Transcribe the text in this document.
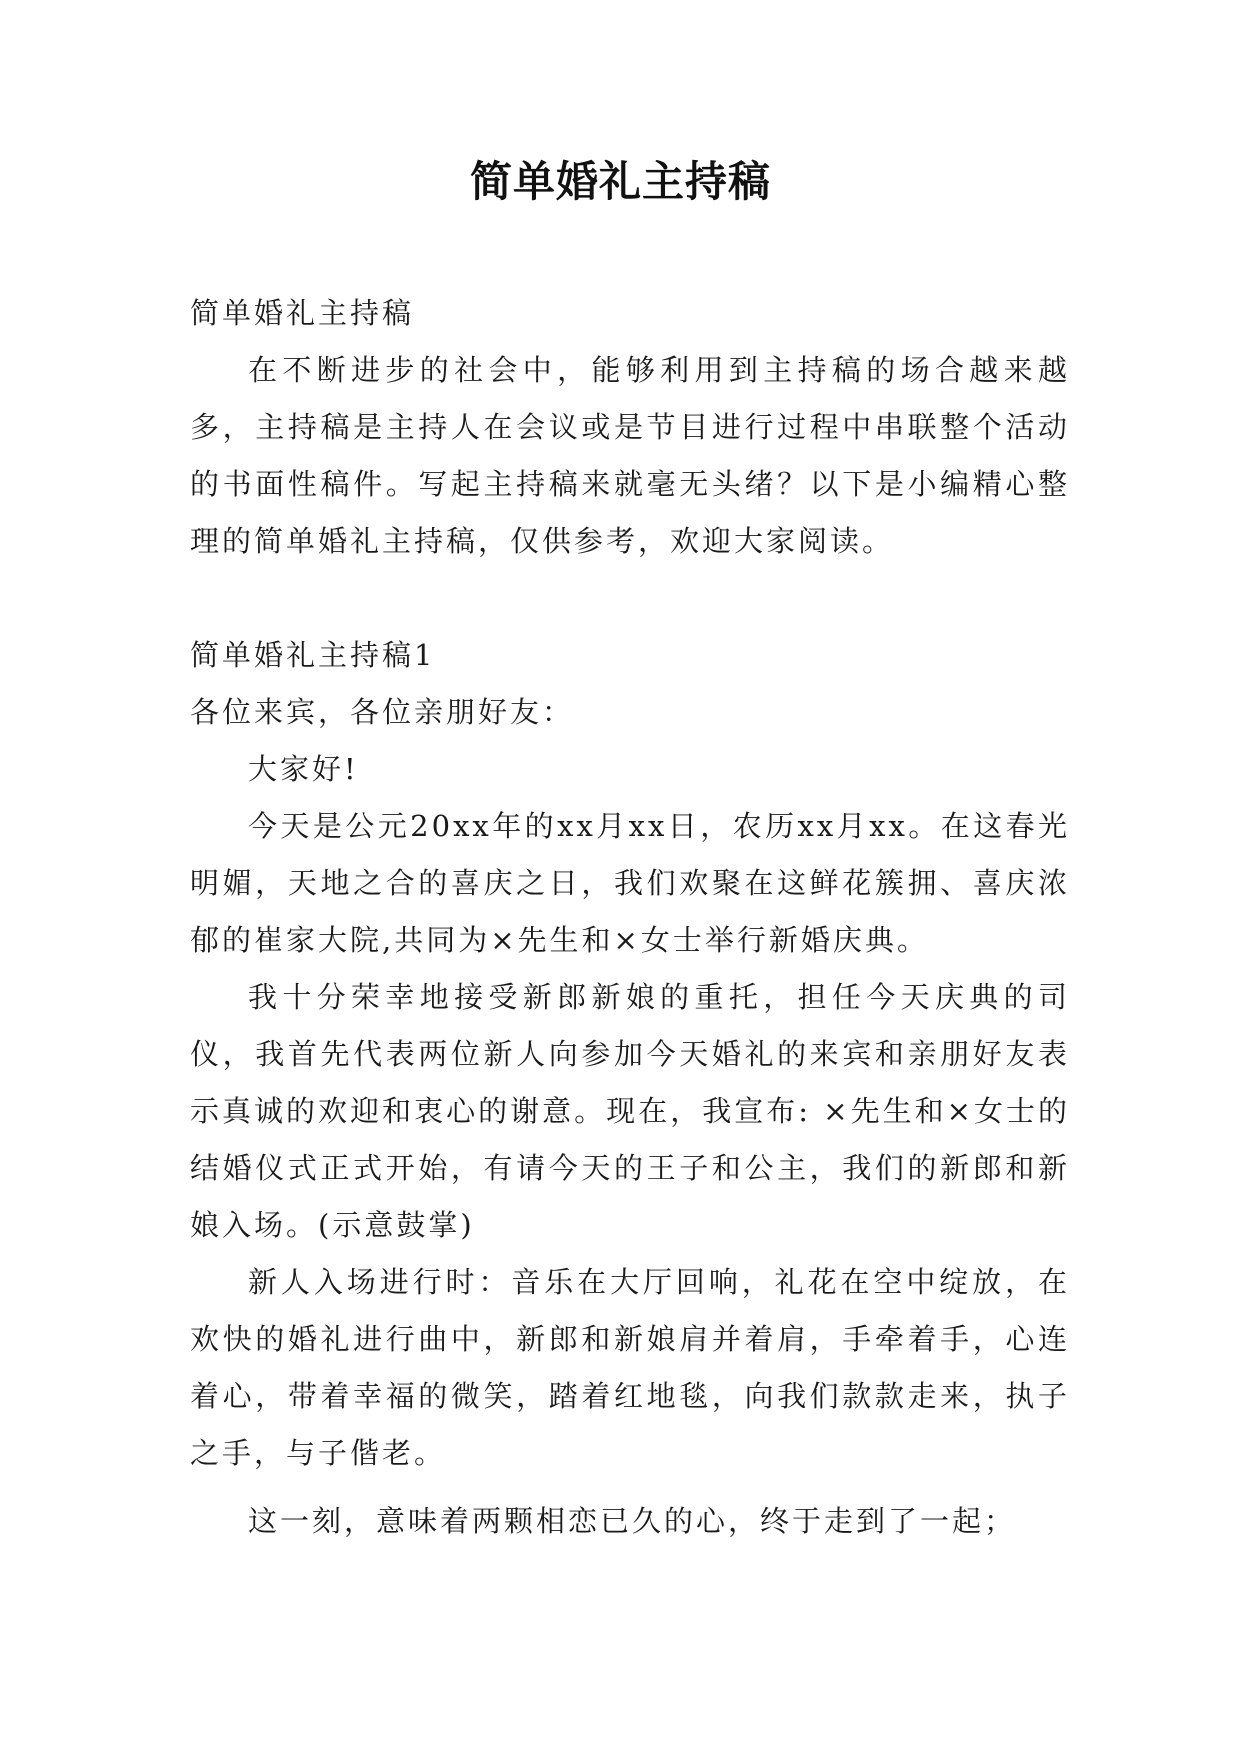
简单婚礼主持稿

简单婚礼主持稿

在不断进步的社会中，能够利用到主持稿的场合越来越多，主持稿是主持人在会议或是节目进行过程中串联整个活动的书面性稿件。写起主持稿来就毫无头绪？以下是小编精心整理的简单婚礼主持稿，仅供参考，欢迎大家阅读。

简单婚礼主持稿1

各位来宾，各位亲朋好友：

大家好!

今天是公元20xx年的xx月xx日，农历xx月xx。在这春光明媚，天地之合的喜庆之日，我们欢聚在这鲜花簇拥、喜庆浓郁的崔家大院,共同为×先生和×女士举行新婚庆典。

我十分荣幸地接受新郎新娘的重托，担任今天庆典的司仪，我首先代表两位新人向参加今天婚礼的来宾和亲朋好友表示真诚的欢迎和衷心的谢意。现在，我宣布: ×先生和×女士的结婚仪式正式开始，有请今天的王子和公主，我们的新郎和新娘入场。(示意鼓掌)

新人入场进行时：音乐在大厅回响，礼花在空中绽放，在欢快的婚礼进行曲中，新郎和新娘肩并着肩，手牵着手，心连着心，带着幸福的微笑，踏着红地毯，向我们款款走来，执子之手，与子偕老。

这一刻，意味着两颗相恋已久的心，终于走到了一起；
